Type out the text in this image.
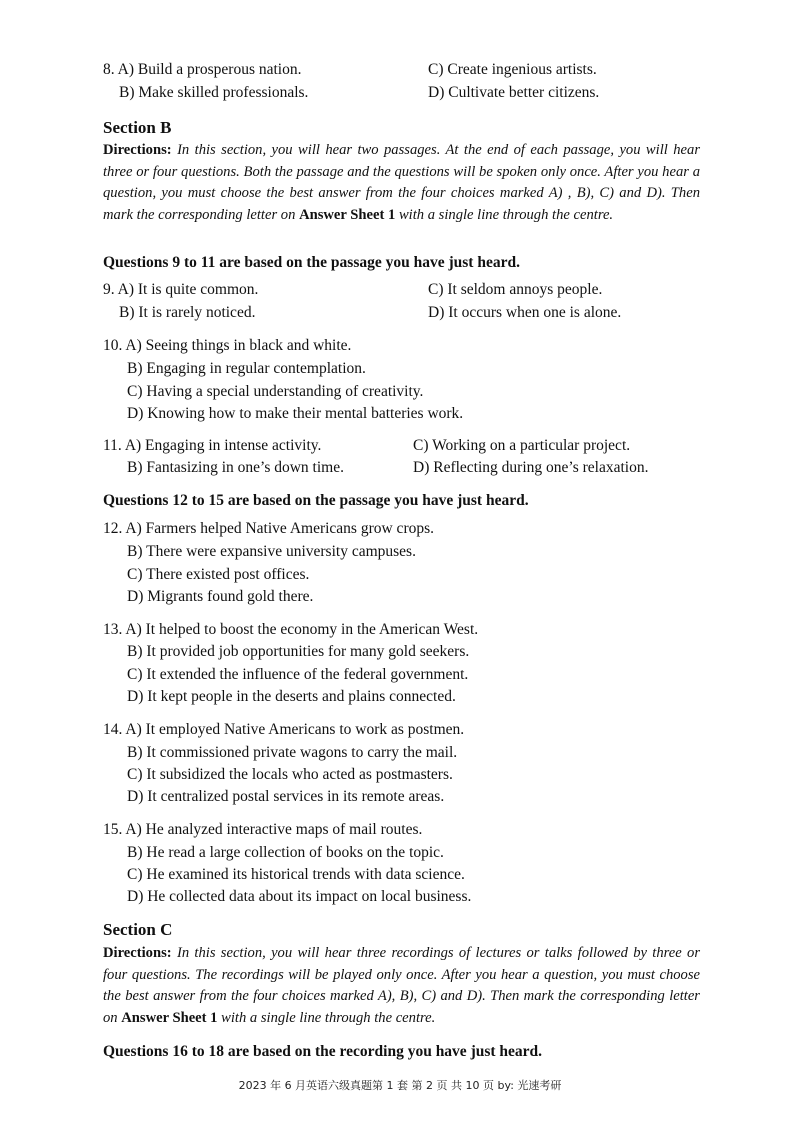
8. A) Build a prosperous nation.	C) Create ingenious artists.
B) Make skilled professionals.	D) Cultivate better citizens.
Section B
Directions: In this section, you will hear two passages. At the end of each passage, you will hear three or four questions. Both the passage and the questions will be spoken only once. After you hear a question, you must choose the best answer from the four choices marked A) , B), C) and D). Then mark the corresponding letter on Answer Sheet 1 with a single line through the centre.
Questions 9 to 11 are based on the passage you have just heard.
9. A) It is quite common.	C) It seldom annoys people.
B) It is rarely noticed.	D) It occurs when one is alone.
10. A) Seeing things in black and white.
B) Engaging in regular contemplation.
C) Having a special understanding of creativity.
D) Knowing how to make their mental batteries work.
11. A) Engaging in intense activity.	C) Working on a particular project.
B) Fantasizing in one’s down time.	D) Reflecting during one’s relaxation.
Questions 12 to 15 are based on the passage you have just heard.
12. A) Farmers helped Native Americans grow crops.
B) There were expansive university campuses.
C) There existed post offices.
D) Migrants found gold there.
13. A) It helped to boost the economy in the American West.
B) It provided job opportunities for many gold seekers.
C) It extended the influence of the federal government.
D) It kept people in the deserts and plains connected.
14. A) It employed Native Americans to work as postmen.
B) It commissioned private wagons to carry the mail.
C) It subsidized the locals who acted as postmasters.
D) It centralized postal services in its remote areas.
15. A) He analyzed interactive maps of mail routes.
B) He read a large collection of books on the topic.
C) He examined its historical trends with data science.
D) He collected data about its impact on local business.
Section C
Directions: In this section, you will hear three recordings of lectures or talks followed by three or four questions. The recordings will be played only once. After you hear a question, you must choose the best answer from the four choices marked A), B), C) and D). Then mark the corresponding letter on Answer Sheet 1 with a single line through the centre.
Questions 16 to 18 are based on the recording you have just heard.
2023 年 6 月英语六级真题第 1 套 第 2 页 共 10 页 by: 光速考研
